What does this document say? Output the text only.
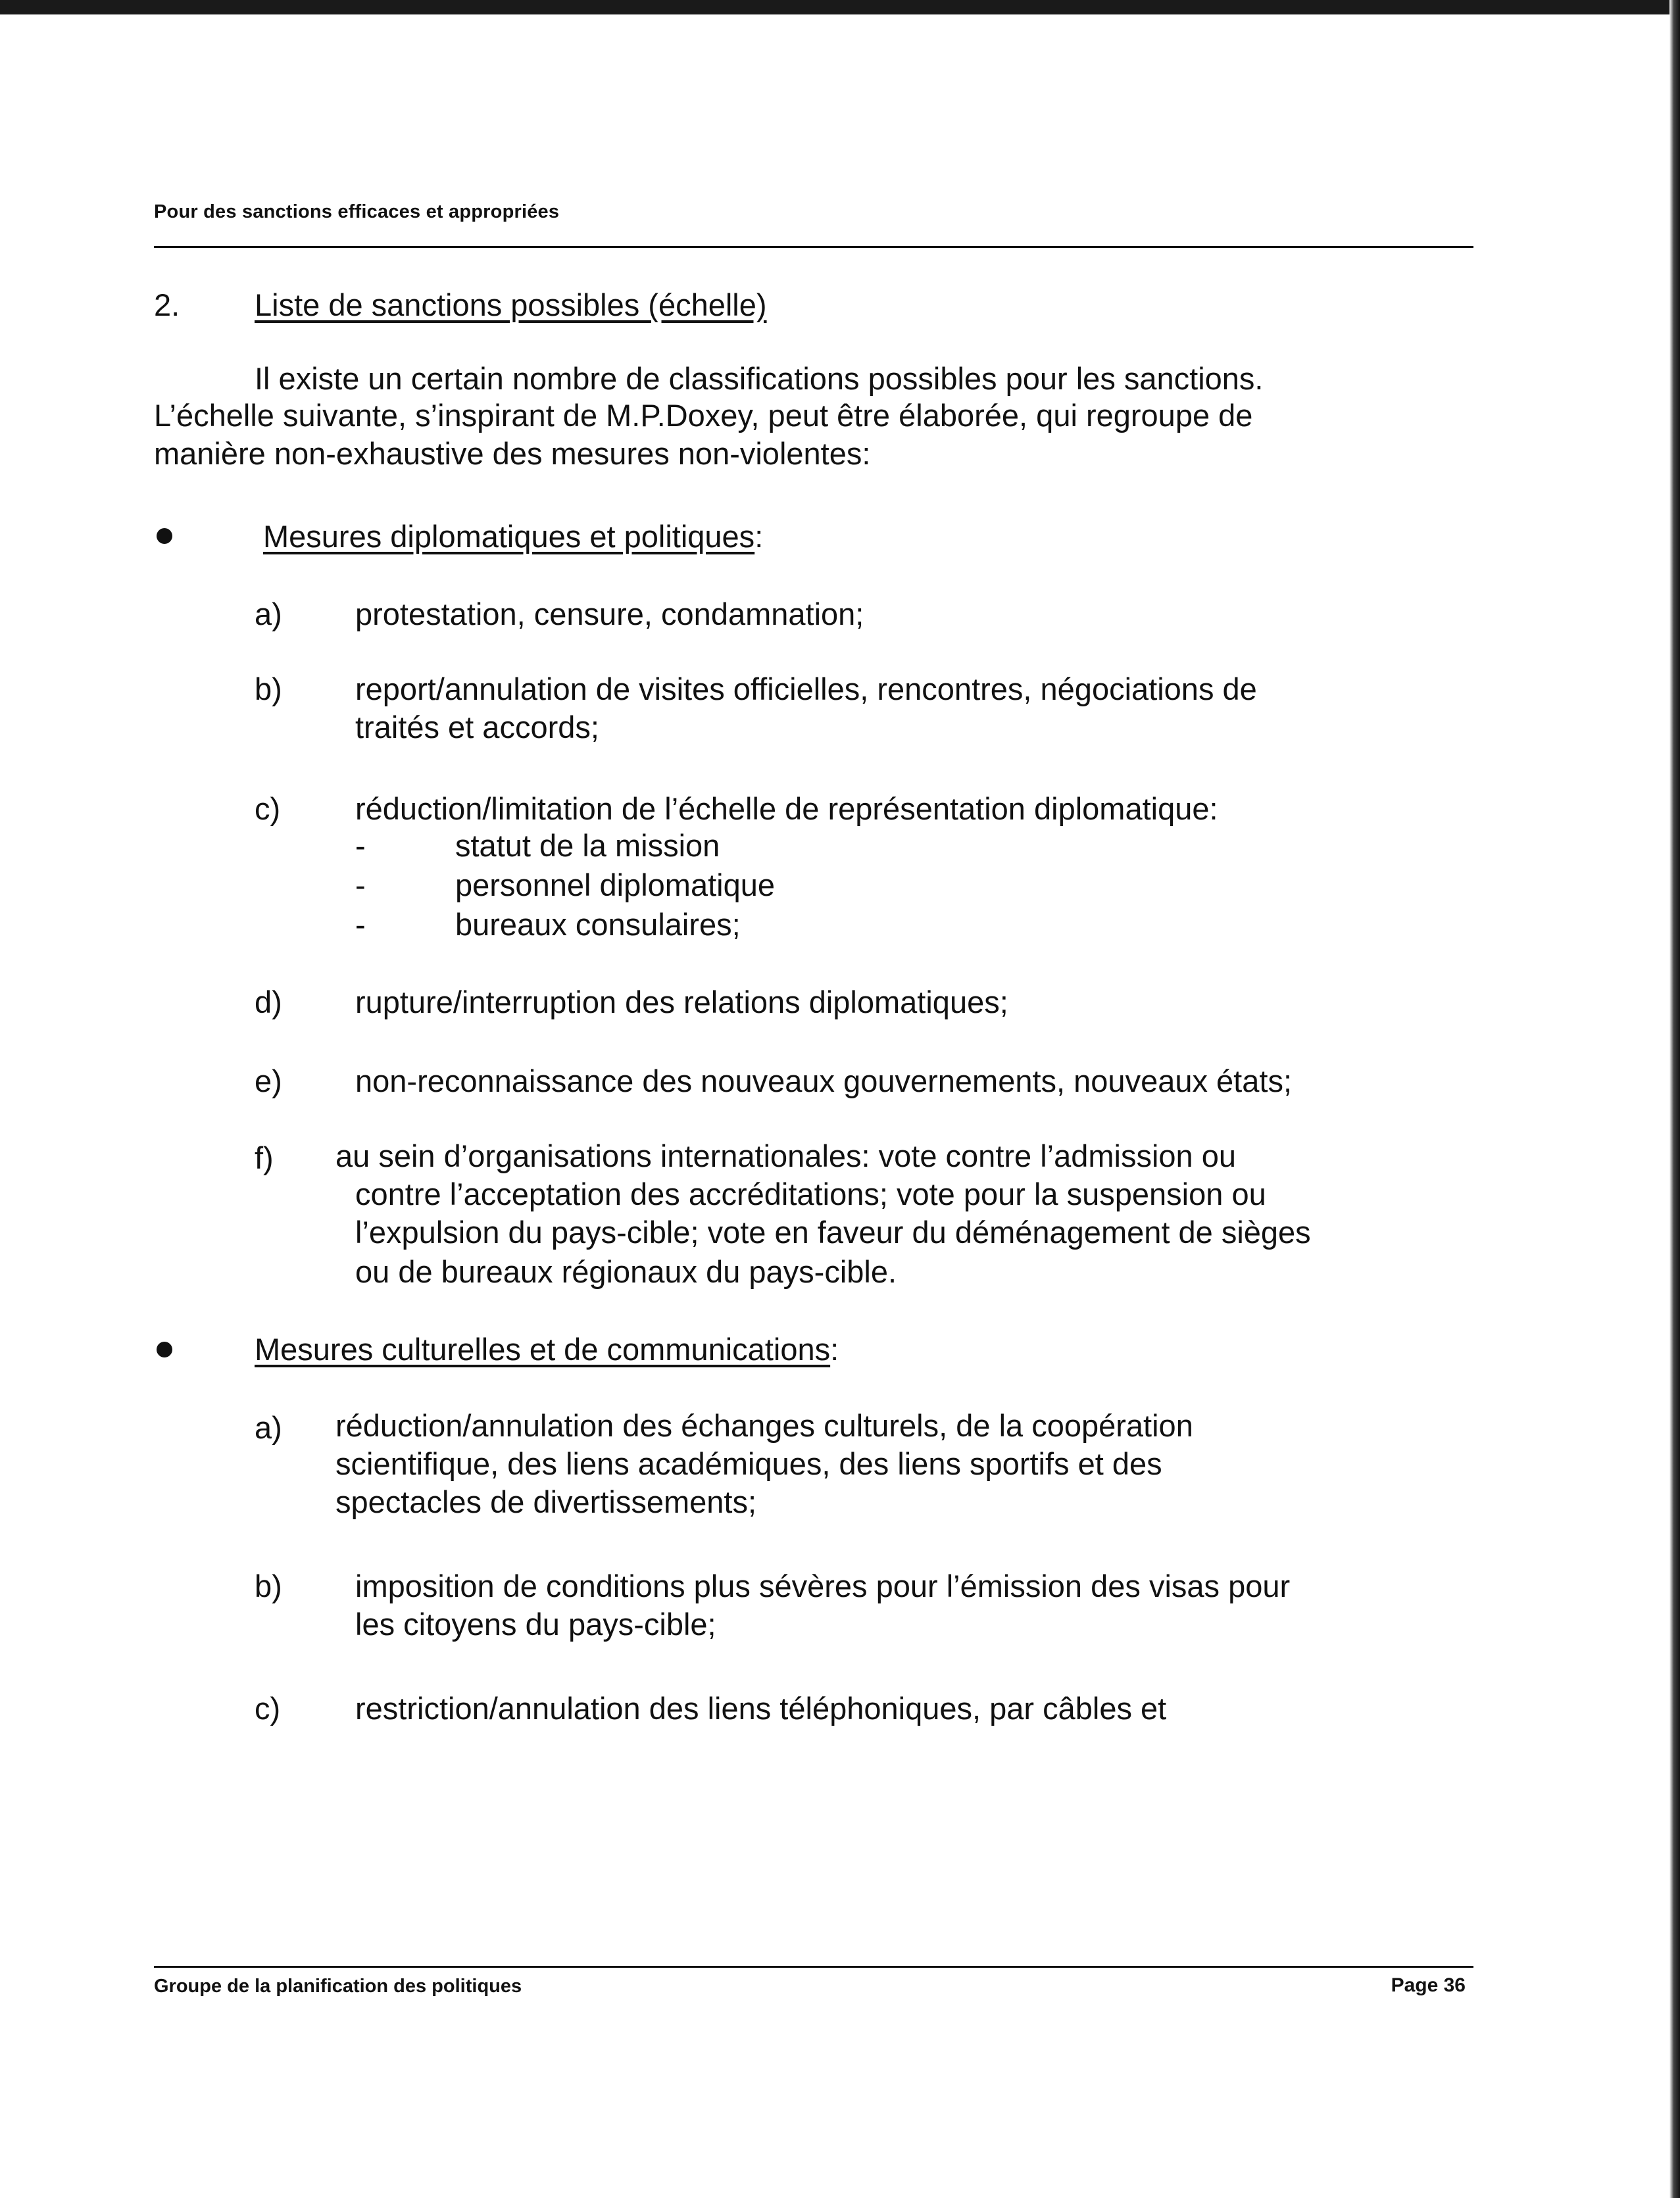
Pour des sanctions efficaces et appropriées
2. Liste de sanctions possibles (échelle)
Il existe un certain nombre de classifications possibles pour les sanctions.
L’échelle suivante, s’inspirant de M.P.Doxey, peut être élaborée, qui regroupe de
manière non-exhaustive des mesures non-violentes:
Mesures diplomatiques et politiques:
a) protestation, censure, condamnation;
b) report/annulation de visites officielles, rencontres, négociations de
traités et accords;
c) réduction/limitation de l’échelle de représentation diplomatique:
-	statut de la mission
-	personnel diplomatique
-	bureaux consulaires;
d) rupture/interruption des relations diplomatiques;
e) non-reconnaissance des nouveaux gouvernements, nouveaux états;
f) au sein d’organisations internationales: vote contre l’admission ou
contre l’acceptation des accréditations; vote pour la suspension ou
l’expulsion du pays-cible; vote en faveur du déménagement de sièges
ou de bureaux régionaux du pays-cible.
Mesures culturelles et de communications:
a) réduction/annulation des échanges culturels, de la coopération
scientifique, des liens académiques, des liens sportifs et des
spectacles de divertissements;
b) imposition de conditions plus sévères pour l’émission des visas pour
les citoyens du pays-cible;
c) restriction/annulation des liens téléphoniques, par câbles et
Groupe de la planification des politiques	Page 36
